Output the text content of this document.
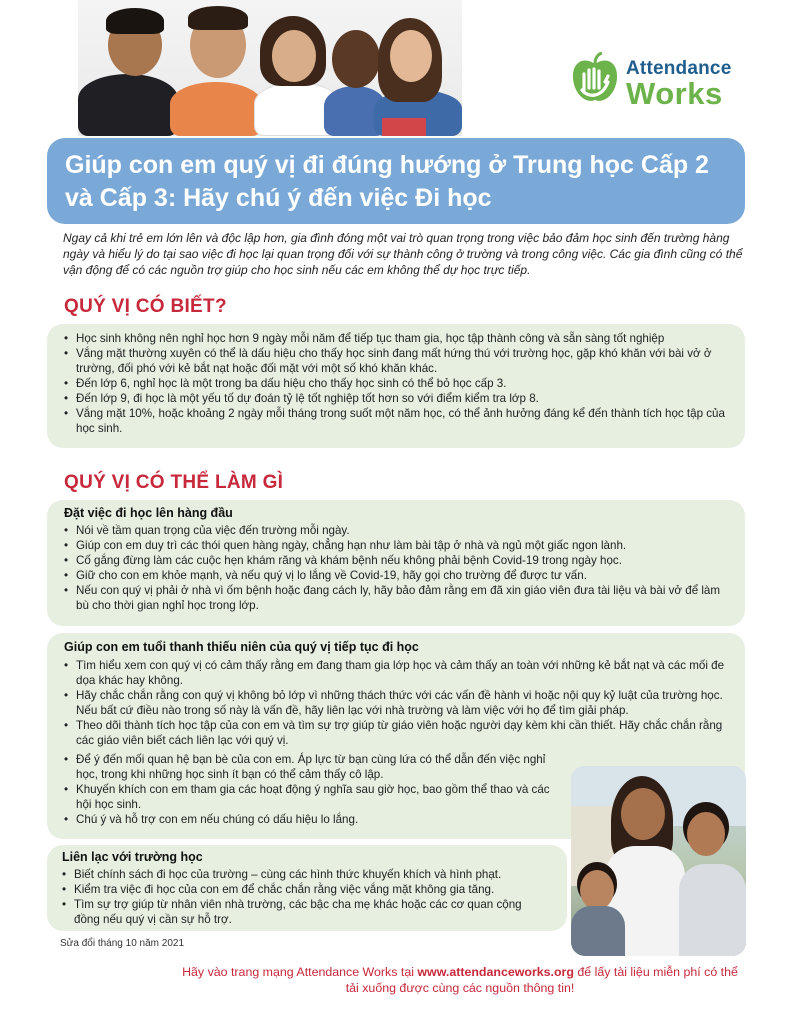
Attendance
Works
Giúp con em quý vị đi đúng hướng ở Trung học Cấp 2 và Cấp 3: Hãy chú ý đến việc Đi học
Ngay cả khi trẻ em lớn lên và độc lập hơn, gia đình đóng một vai trò quan trọng trong việc bảo đảm học sinh đến trường hàng ngày và hiểu lý do tại sao việc đi học lại quan trọng đối với sự thành công ở trường và trong công việc. Các gia đình cũng có thể vận động để có các nguồn trợ giúp cho học sinh nếu các em không thể dự học trực tiếp.
QUÝ VỊ CÓ BIẾT?
• Học sinh không nên nghỉ học hơn 9 ngày mỗi năm để tiếp tục tham gia, học tập thành công và sẵn sàng tốt nghiệp
• Vắng mặt thường xuyên có thể là dấu hiệu cho thấy học sinh đang mất hứng thú với trường học, gặp khó khăn với bài vở ở trường, đối phó với kẻ bắt nạt hoặc đối mặt với một số khó khăn khác.
• Đến lớp 6, nghỉ học là một trong ba dấu hiệu cho thấy học sinh có thể bỏ học cấp 3.
• Đến lớp 9, đi học là một yếu tố dự đoán tỷ lệ tốt nghiệp tốt hơn so với điểm kiểm tra lớp 8.
• Vắng mặt 10%, hoặc khoảng 2 ngày mỗi tháng trong suốt một năm học, có thể ảnh hưởng đáng kể đến thành tích học tập của học sinh.
QUÝ VỊ CÓ THỂ LÀM GÌ
Đặt việc đi học lên hàng đầu
• Nói về tầm quan trọng của việc đến trường mỗi ngày.
• Giúp con em duy trì các thói quen hàng ngày, chẳng hạn như làm bài tập ở nhà và ngủ một giấc ngon lành.
• Cố gắng đừng làm các cuộc hẹn khám răng và khám bệnh nếu không phải bệnh Covid-19 trong ngày học.
• Giữ cho con em khỏe mạnh, và nếu quý vị lo lắng về Covid-19, hãy gọi cho trường để được tư vấn.
• Nếu con quý vị phải ở nhà vì ốm bệnh hoặc đang cách ly, hãy bảo đảm rằng em đã xin giáo viên đưa tài liệu và bài vở để làm bù cho thời gian nghỉ học trong lớp.
Giúp con em tuổi thanh thiếu niên của quý vị tiếp tục đi học
• Tìm hiểu xem con quý vị có cảm thấy rằng em đang tham gia lớp học và cảm thấy an toàn với những kẻ bắt nạt và các mối đe dọa khác hay không.
• Hãy chắc chắn rằng con quý vị không bỏ lớp vì những thách thức với các vấn đề hành vi hoặc nội quy kỷ luật của trường học. Nếu bất cứ điều nào trong số này là vấn đề, hãy liên lạc với nhà trường và làm việc với họ để tìm giải pháp.
• Theo dõi thành tích học tập của con em và tìm sự trợ giúp từ giáo viên hoặc người dạy kèm khi cần thiết. Hãy chắc chắn rằng các giáo viên biết cách liên lạc với quý vị.
• Để ý đến mối quan hệ bạn bè của con em. Áp lực từ bạn cùng lứa có thể dẫn đến việc nghỉ học, trong khi những học sinh ít bạn có thể cảm thấy cô lập.
• Khuyến khích con em tham gia các hoạt động ý nghĩa sau giờ học, bao gồm thể thao và các hội học sinh.
• Chú ý và hỗ trợ con em nếu chúng có dấu hiệu lo lắng.
Liên lạc với trường học
• Biết chính sách đi học của trường – cùng các hình thức khuyến khích và hình phạt.
• Kiểm tra việc đi học của con em để chắc chắn rằng việc vắng mặt không gia tăng.
• Tìm sự trợ giúp từ nhân viên nhà trường, các bậc cha mẹ khác hoặc các cơ quan cộng đồng nếu quý vị cần sự hỗ trợ.
Sửa đổi tháng 10 năm 2021
Hãy vào trang mạng Attendance Works tại www.attendanceworks.org để lấy tài liệu miễn phí có thể tải xuống được cùng các nguồn thông tin!
